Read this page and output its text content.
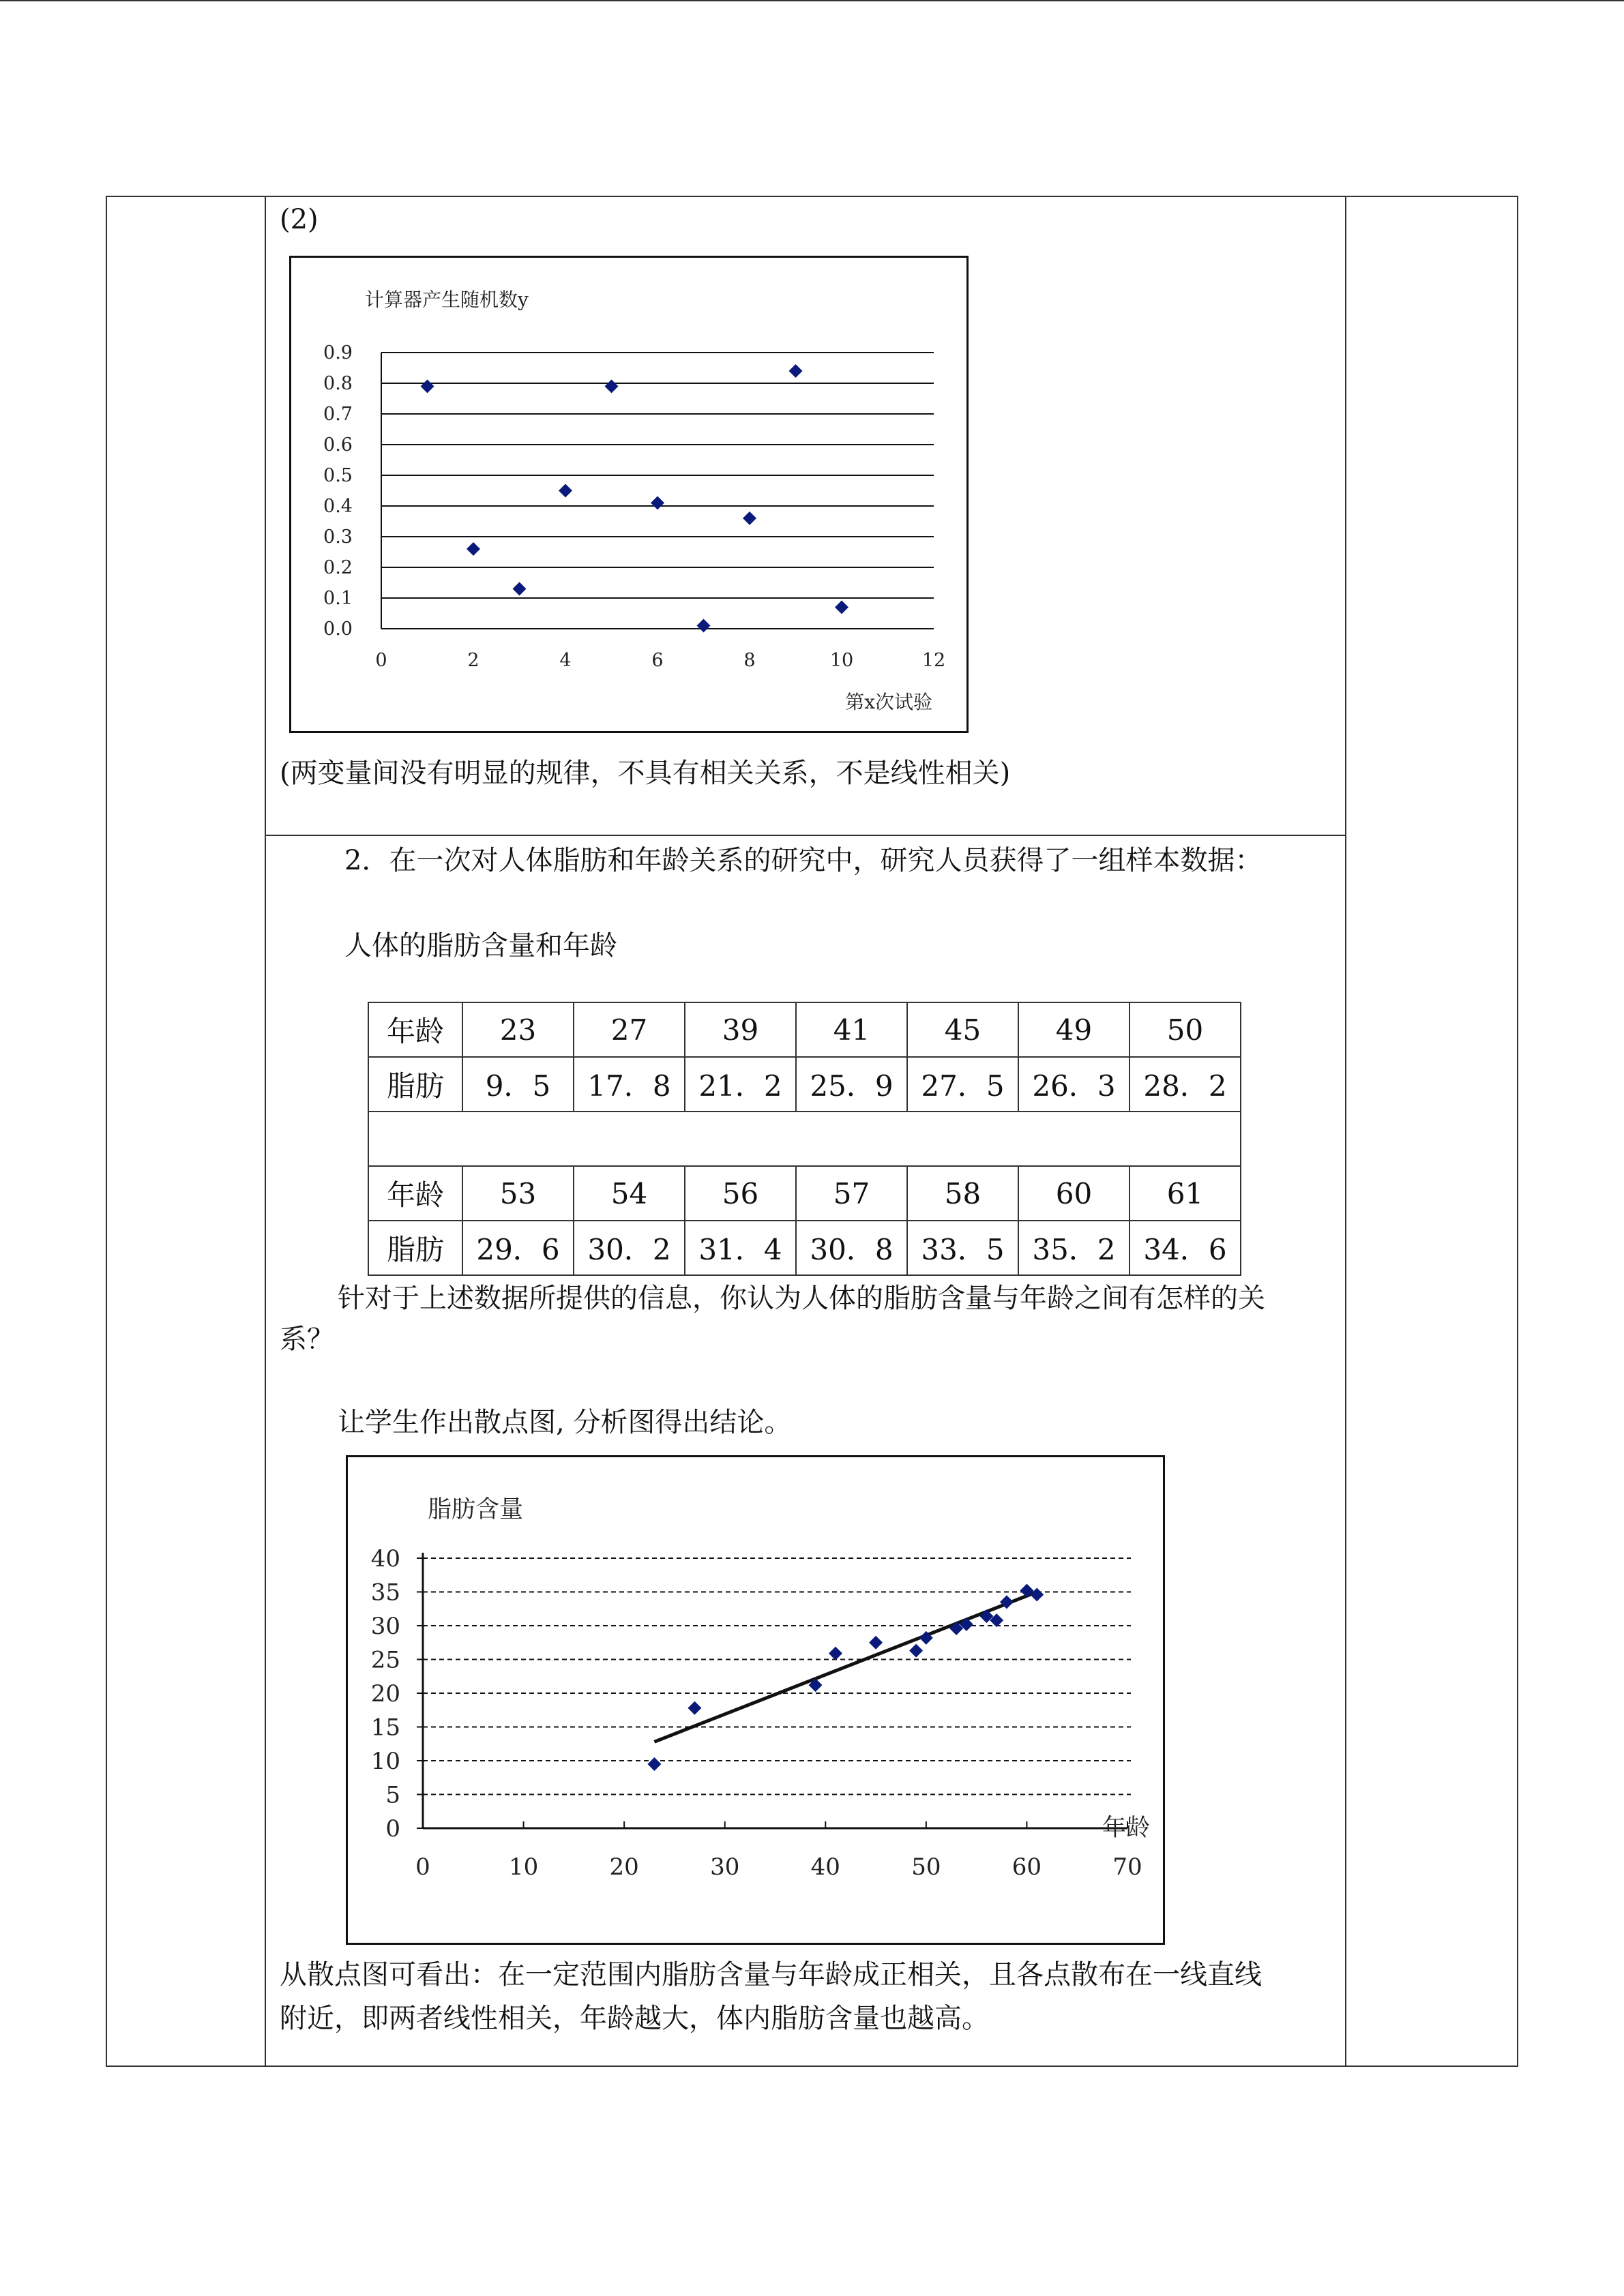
(2)
计算器产生随机数y
第x次试验
0.0
0.1
0.2
0.3
0.4
0.5
0.6
0.7
0.8
0.9
0	2	4	6	8	10	12
(两变量间没有明显的规律，不具有相关关系，不是线性相关)
2．在一次对人体脂肪和年龄关系的研究中，研究人员获得了一组样本数据：
人体的脂肪含量和年龄
年龄	23	27	39	41	45	49	50
脂肪	9．5	17．8	21．2	25．9	27．5	26．3	28．2

年龄	53	54	56	57	58	60	61
脂肪	29．6	30．2	31．4	30．8	33．5	35．2	34．6
针对于上述数据所提供的信息，你认为人体的脂肪含量与年龄之间有怎样的关
系？
让学生作出散点图, 分析图得出结论。
脂肪含量
0
5
10
15
20
25
30
35
40
0	10	20	30	40	50	60	70
年龄
从散点图可看出：在一定范围内脂肪含量与年龄成正相关，且各点散布在一线直线
附近，即两者线性相关，年龄越大，体内脂肪含量也越高。
